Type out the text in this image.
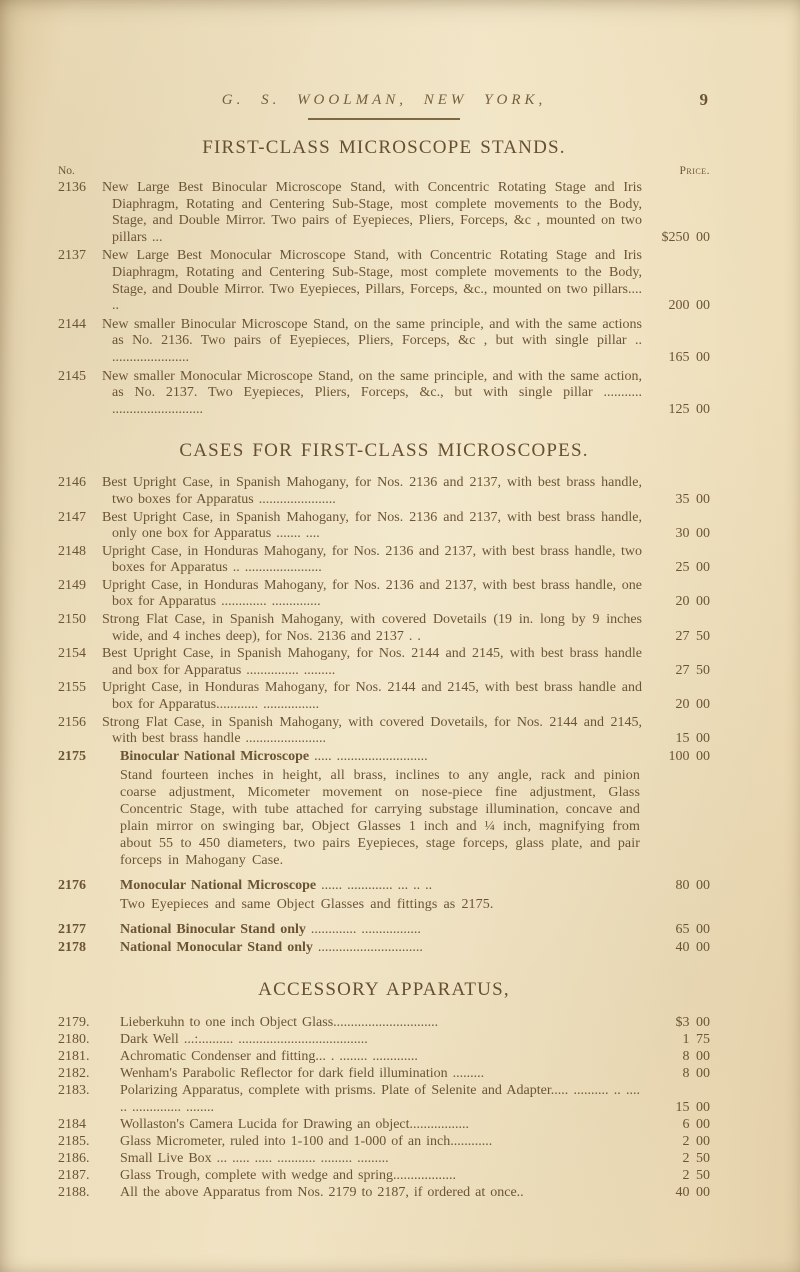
G. S. WOOLMAN, NEW YORK,	9
FIRST-CLASS MICROSCOPE STANDS.
No.	Price.
2136 New Large Best Binocular Microscope Stand, with Concentric Rotating Stage and Iris Diaphragm, Rotating and Centering Sub-Stage, most complete movements to the Body, Stage, and Double Mirror. Two pairs of Eyepieces, Pliers, Forceps, &c , mounted on two pillars ...	$250 00
2137 New Large Best Monocular Microscope Stand, with Concentric Rotating Stage and Iris Diaphragm, Rotating and Centering Sub-Stage, most complete movements to the Body, Stage, and Double Mirror. Two Eyepieces, Pillars, Forceps, &c., mounted on two pillars.... ..	200 00
2144 New smaller Binocular Microscope Stand, on the same principle, and with the same actions as No. 2136. Two pairs of Eyepieces, Pliers, Forceps, &c , but with single pillar .. ......................	165 00
2145 New smaller Monocular Microscope Stand, on the same principle, and with the same action, as No. 2137. Two Eyepieces, Pliers, Forceps, &c., but with single pillar ........... ..........................	125 00
CASES FOR FIRST-CLASS MICROSCOPES.
2146 Best Upright Case, in Spanish Mahogany, for Nos. 2136 and 2137, with best brass handle, two boxes for Apparatus ......................	35 00
2147 Best Upright Case, in Spanish Mahogany, for Nos. 2136 and 2137, with best brass handle, only one box for Apparatus ....... ....	30 00
2148 Upright Case, in Honduras Mahogany, for Nos. 2136 and 2137, with best brass handle, two boxes for Apparatus .. ......................	25 00
2149 Upright Case, in Honduras Mahogany, for Nos. 2136 and 2137, with best brass handle, one box for Apparatus ............. ..............	20 00
2150 Strong Flat Case, in Spanish Mahogany, with covered Dovetails (19 in. long by 9 inches wide, and 4 inches deep), for Nos. 2136 and 2137 . .	27 50
2154 Best Upright Case, in Spanish Mahogany, for Nos. 2144 and 2145, with best brass handle and box for Apparatus ............... .........	27 50
2155 Upright Case, in Honduras Mahogany, for Nos. 2144 and 2145, with best brass handle and box for Apparatus............ ................	20 00
2156 Strong Flat Case, in Spanish Mahogany, with covered Dovetails, for Nos. 2144 and 2145, with best brass handle .......................	15 00
2175 Binocular National Microscope ..... ..........................	100 00
Stand fourteen inches in height, all brass, inclines to any angle, rack and pinion coarse adjustment, Micometer movement on nose-piece fine adjustment, Glass Concentric Stage, with tube attached for carrying substage illumination, concave and plain mirror on swinging bar, Object Glasses 1 inch and ¼ inch, magnifying from about 55 to 450 diameters, two pairs Eyepieces, stage forceps, glass plate, and pair forceps in Mahogany Case.
2176 Monocular National Microscope ...... ............. ... .. ..	80 00
Two Eyepieces and same Object Glasses and fittings as 2175.
2177 National Binocular Stand only ............. .................	65 00
2178 National Monocular Stand only ..............................	40 00
ACCESSORY APPARATUS,
2179. Lieberkuhn to one inch Object Glass..............................	$3 00
2180. Dark Well ...:.......... .....................................	1 75
2181. Achromatic Condenser and fitting... . ........ .............	8 00
2182. Wenham's Parabolic Reflector for dark field illumination .........	8 00
2183. Polarizing Apparatus, complete with prisms. Plate of Selenite and Adapter..... .......... .. .... .. .............. ........	15 00
2184 Wollaston's Camera Lucida for Drawing an object.................	6 00
2185. Glass Micrometer, ruled into 1-100 and 1-000 of an inch............	2 00
2186. Small Live Box ... ..... ..... ........... ......... .........	2 50
2187. Glass Trough, complete with wedge and spring..................	2 50
2188. All the above Apparatus from Nos. 2179 to 2187, if ordered at once..	40 00
